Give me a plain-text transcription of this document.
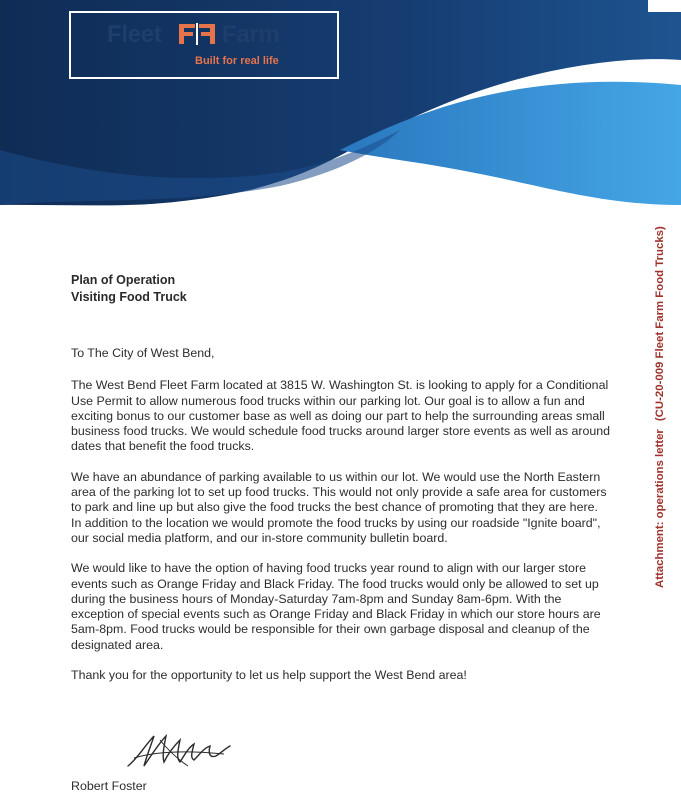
Fleet	Farm
Built for real life
Plan of Operation
Visiting Food Truck

To The City of West Bend,

The West Bend Fleet Farm located at 3815 W. Washington St. is looking to apply for a Conditional Use Permit to allow numerous food trucks within our parking lot. Our goal is to allow a fun and exciting bonus to our customer base as well as doing our part to help the surrounding areas small business food trucks. We would schedule food trucks around larger store events as well as around dates that benefit the food trucks.

We have an abundance of parking available to us within our lot. We would use the North Eastern area of the parking lot to set up food trucks. This would not only provide a safe area for customers to park and line up but also give the food trucks the best chance of promoting that they are here. In addition to the location we would promote the food trucks by using our roadside "Ignite board", our social media platform, and our in-store community bulletin board.

We would like to have the option of having food trucks year round to align with our larger store events such as Orange Friday and Black Friday. The food trucks would only be allowed to set up during the business hours of Monday-Saturday 7am-8pm and Sunday 8am-6pm. With the exception of special events such as Orange Friday and Black Friday in which our store hours are 5am-8pm. Food trucks would be responsible for their own garbage disposal and cleanup of the designated area.

Thank you for the opportunity to let us help support the West Bend area!

Robert Foster
Attachment: operations letter(CU-20-009 Fleet Farm Food Trucks)
